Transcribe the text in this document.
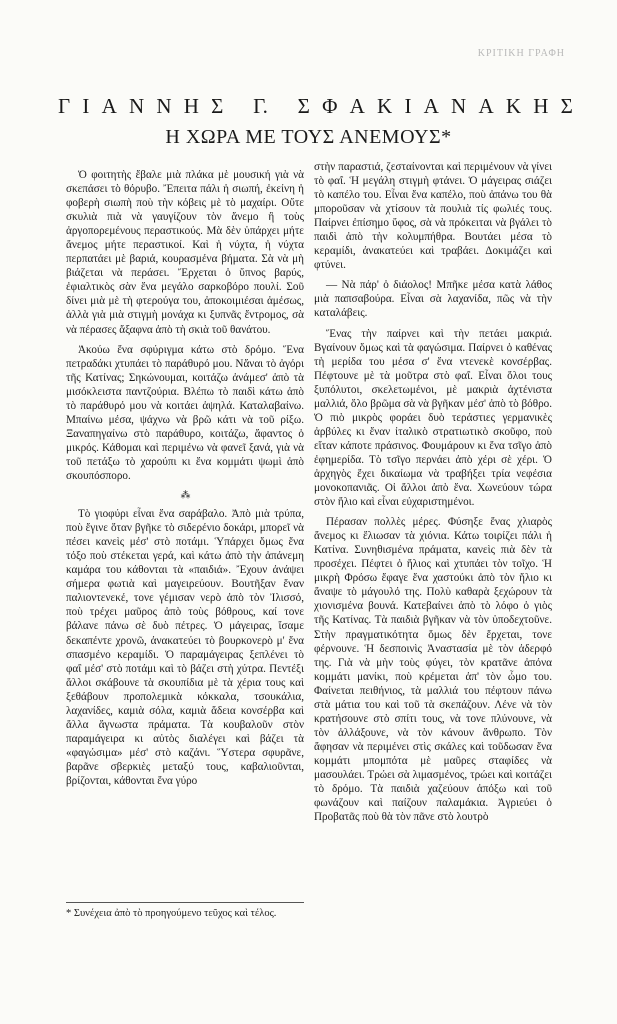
ΚΡΙΤΙΚΗ ΓΡΑΦΗ
Γ Ι Α Ν Ν Η Σ
Γ.
Σ Φ Α Κ Ι Α Ν Α Κ Η Σ
Η ΧΩΡΑ ΜΕ ΤΟΥΣ ΑΝΕΜΟΥΣ*

Ὁ φοιτητὴς ἔβαλε μιὰ πλάκα μὲ μουσική γιὰ νὰ σκεπάσει τὸ θόρυβο. Ἔπειτα πάλι ἡ σιωπή, ἐκείνη ἡ φοβερὴ σιωπὴ ποὺ τὴν κόβεις μὲ τὸ μαχαίρι. Οὔτε σκυλιὰ πιὰ νὰ γαυγίζουν τὸν ἄνεμο ἢ τοὺς ἀργοπορεμένους περαστικούς. Μὰ δὲν ὑπάρχει μήτε ἄνεμος μήτε περαστικοί. Καὶ ἡ νύχτα, ἡ νύχτα περπατάει μὲ βαριά, κουρασμένα βήματα. Σὰ νὰ μὴ βιάζεται νὰ περάσει. Ἔρχεται ὁ ὕπνος βαρύς, ἐφιαλτικὸς σὰν ἕνα μεγάλο σαρκοβόρο πουλί. Σοῦ δίνει μιὰ μὲ τὴ φτερούγα του, ἀποκοιμιέσαι ἀμέσως, ἀλλὰ γιὰ μιὰ στιγμὴ μονάχα κι ξυπνᾶς ἔντρομος, σὰ νὰ πέρασες ἄξαφνα ἀπὸ τὴ σκιὰ τοῦ θανάτου.

Ἀκούω ἕνα σφύριγμα κάτω στὸ δρόμο. Ἕνα πετραδάκι χτυπάει τὸ παράθυρό μου. Νἄναι τὸ ἀγόρι τῆς Κατίνας; Σηκώνουμαι, κοιτάζω ἀνάμεσ' ἀπὸ τὰ μισόκλειστα παντζούρια. Βλέπω τὸ παιδὶ κάτω ἀπὸ τὸ παράθυρό μου νὰ κοιτάει ἀψηλά. Καταλαβαίνω. Μπαίνω μέσα, ψάχνω νὰ βρῶ κάτι νὰ τοῦ ρίξω. Ξαναπηγαίνω στὸ παράθυρο, κοιτάζω, ἄφαντος ὁ μικρός. Κάθομαι καὶ περιμένω νὰ φανεῖ ξανά, γιὰ νὰ τοῦ πετάξω τὸ χαρούπι κι ἕνα κομμάτι ψωμὶ ἀπὸ σκουπόσπορο.

⁂

Τὸ γιοφύρι εἶναι ἕνα σαράβαλο. Ἀπὸ μιὰ τρύπα, ποὺ ἔγινε ὅταν βγῆκε τὸ σιδερένιο δοκάρι, μπορεῖ νὰ πέσει κανεὶς μέσ' στὸ ποτάμι. Ὑπάρχει ὅμως ἕνα τόξο ποὺ στέκεται γερά, καὶ κάτω ἀπὸ τὴν ἀπάνεμη καμάρα του κάθονται τὰ «παιδιά». Ἔχουν ἀνάψει σήμερα φωτιὰ καὶ μαγειρεύουν. Βουτῆξαν ἕναν παλιοντενεκέ, τονε γέμισαν νερὸ ἀπὸ τὸν Ἰλισσό, ποὺ τρέχει μαῦρος ἀπὸ τοὺς βόθρους, καί τονε βάλανε πάνω σὲ δυὸ πέτρες. Ὁ μάγειρας, ἴσαμε δεκαπέντε χρονῶ, ἀνακατεύει τὸ βουρκονερὸ μ' ἕνα σπασμένο κεραμίδι. Ὁ παραμάγειρας ξεπλένει τὸ φαΐ μέσ' στὸ ποτάμι καὶ τὸ βάζει στὴ χύτρα. Πεντέξι ἄλλοι σκάβουνε τὰ σκουπίδια μὲ τὰ χέρια τους καὶ ξεθάβουν προπολεμικὰ κόκκαλα, τσουκάλια, λαχανίδες, καμιὰ σόλα, καμιὰ ἄδεια κονσέρβα καὶ ἄλλα ἄγνωστα πράματα. Τὰ κουβαλοῦν στὸν παραμάγειρα κι αὐτὸς διαλέγει καὶ βάζει τὰ «φαγώσιμα» μέσ' στὸ καζάνι. Ὕστερα σφυρᾶνε, βαρᾶνε σβερκιὲς μεταξύ τους, καβαλιοῦνται, βρίζονται, κάθονται ἕνα γύρο

στὴν παραστιά, ζεσταίνονται καὶ περιμένουν νὰ γίνει τὸ φαΐ. Ἡ μεγάλη στιγμὴ φτάνει. Ὁ μάγειρας σιάζει τὸ καπέλο του. Εἶναι ἕνα καπέλο, ποὺ ἀπάνω του θὰ μποροῦσαν νὰ χτίσουν τὰ πουλιὰ τίς φωλιές τους. Παίρνει ἐπίσημο ὕφος, σὰ νὰ πρόκειται νὰ βγάλει τὸ παιδὶ ἀπὸ τὴν κολυμπήθρα. Βουτάει μέσα τὸ κεραμίδι, ἀνακατεύει καὶ τραβάει. Δοκιμάζει καὶ φτύνει.

— Νὰ πάρ' ὁ διάολος! Μπῆκε μέσα κατὰ λάθος μιὰ παπσαβούρα. Εἶναι σὰ λαχανίδα, πῶς νὰ τὴν καταλάβεις.

Ἕνας τὴν παίρνει καὶ τὴν πετάει μακριά. Βγαίνουν ὅμως καὶ τὰ φαγώσιμα. Παίρνει ὁ καθένας τὴ μερίδα του μέσα σ' ἕνα ντενεκὲ κονσέρβας. Πέφτουνε μὲ τὰ μοῦτρα στὸ φαΐ. Εἶναι ὅλοι τους ξυπόλυτοι, σκελετωμένοι, μὲ μακριὰ ἀχτένιστα μαλλιά, ὅλο βρῶμα σὰ νὰ βγῆκαν μέσ' ἀπὸ τὸ βόθρο. Ὁ πιὸ μικρὸς φοράει δυὸ τεράστιες γερμανικὲς ἀρβύλες κι ἕναν ἰταλικὸ στρατιωτικὸ σκοῦφο, ποὺ εἴταν κάποτε πράσινος. Φουμάρουν κι ἕνα τσῖγο ἀπὸ ἐφημερίδα. Τὸ τσῖγο περνάει ἀπὸ χέρι σὲ χέρι. Ὁ ἀρχηγὸς ἔχει δικαίωμα νὰ τραβήξει τρία νεφέσια μονοκοπανιᾶς. Οἱ ἄλλοι ἀπὸ ἕνα. Χωνεύουν τώρα στὸν ἥλιο καὶ εἶναι εὐχαριστημένοι.

Πέρασαν πολλὲς μέρες. Φύσηξε ἕνας χλιαρὸς ἄνεμος κι ἔλιωσαν τὰ χιόνια. Κάτω τοιρίζει πάλι ἡ Κατίνα. Συνηθισμένα πράματα, κανεὶς πιὰ δὲν τὰ προσέχει. Πέφτει ὁ ἥλιος καὶ χτυπάει τὸν τοῖχο. Ἡ μικρὴ Φρόσω ἔφαγε ἕνα χαστούκι ἀπὸ τὸν ἥλιο κι ἄναψε τὸ μάγουλό της. Πολὺ καθαρὰ ξεχώρουν τὰ χιονισμένα βουνά. Κατεβαίνει ἀπὸ τὸ λόφο ὁ γιὸς τῆς Κατίνας. Τὰ παιδιὰ βγῆκαν νὰ τὸν ὑποδεχτοῦνε. Στὴν πραγματικότητα ὅμως δὲν ἔρχεται, τονε φέρνουνε. Ἡ δεσποινὶς Ἀναστασία μὲ τὸν ἀδερφό της. Γιὰ νὰ μὴν τοὺς φύγει, τὸν κρατᾶνε ἀπόνα κομμάτι μανίκι, ποὺ κρέμεται ἀπ' τὸν ὦμο του. Φαίνεται πειθήνιος, τὰ μαλλιά του πέφτουν πάνω στὰ μάτια του καὶ τοῦ τὰ σκεπάζουν. Λένε νὰ τὸν κρατήσουνε στὸ σπίτι τους, νὰ τονε πλύνουνε, νὰ τὸν ἀλλάξουνε, νὰ τὸν κάνουν ἄνθρωπο. Τὸν ἄφησαν νὰ περιμένει στὶς σκάλες καὶ τοῦδωσαν ἕνα κομμάτι μπομπότα μὲ μαῦρες σταφίδες νὰ μασουλάει. Τρώει σὰ λιμασμένος, τρώει καὶ κοιτάζει τὸ δρόμο. Τὰ παιδιὰ χαζεύουν ἀπόξω καὶ τοῦ φωνάζουν καὶ παίζουν παλαμάκια. Ἀγριεύει ὁ Προβατᾶς ποὺ θὰ τὸν πᾶνε στὸ λουτρὸ

* Συνέχεια ἀπὸ τὸ προηγούμενο τεῦχος καὶ τέλος.
